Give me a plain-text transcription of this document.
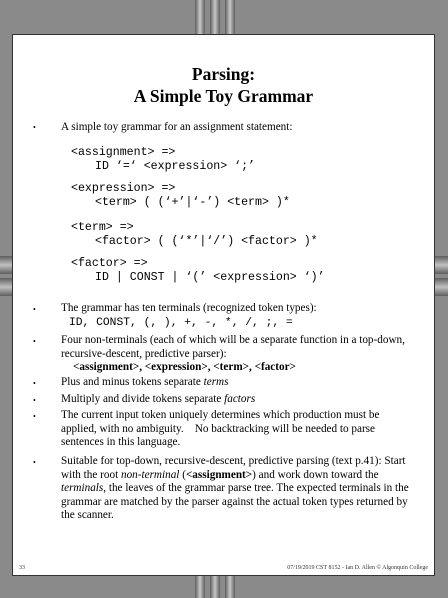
Parsing:
A Simple Toy Grammar
• A simple toy grammar for an assignment statement:
<assignment> =>
ID ‘=‘ <expression> ‘;’
<expression> =>
<term> ( (‘+’|‘-’) <term> )*
<term> =>
<factor> ( (‘*’|‘/’) <factor> )*
<factor> =>
ID | CONST | ‘(’ <expression> ‘)’
• The grammar has ten terminals (recognized token types):
ID, CONST, (, ), +, -, *, /, ;, =
• Four non-terminals (each of which will be a separate function in a top-down, recursive-descent, predictive parser):
<assignment>, <expression>, <term>, <factor>
• Plus and minus tokens separate terms
• Multiply and divide tokens separate factors
• The current input token uniquely determines which production must be applied, with no ambiguity.    No backtracking will be needed to parse sentences in this language.
• Suitable for top-down, recursive-descent, predictive parsing (text p.41): Start with the root non-terminal (<assignment>) and work down toward the terminals, the leaves of the grammar parse tree. The expected terminals in the grammar are matched by the parser against the actual token types returned by the scanner.
33	07/19/2019 CST 8152 - Ian D. Allen © Algonquin College
